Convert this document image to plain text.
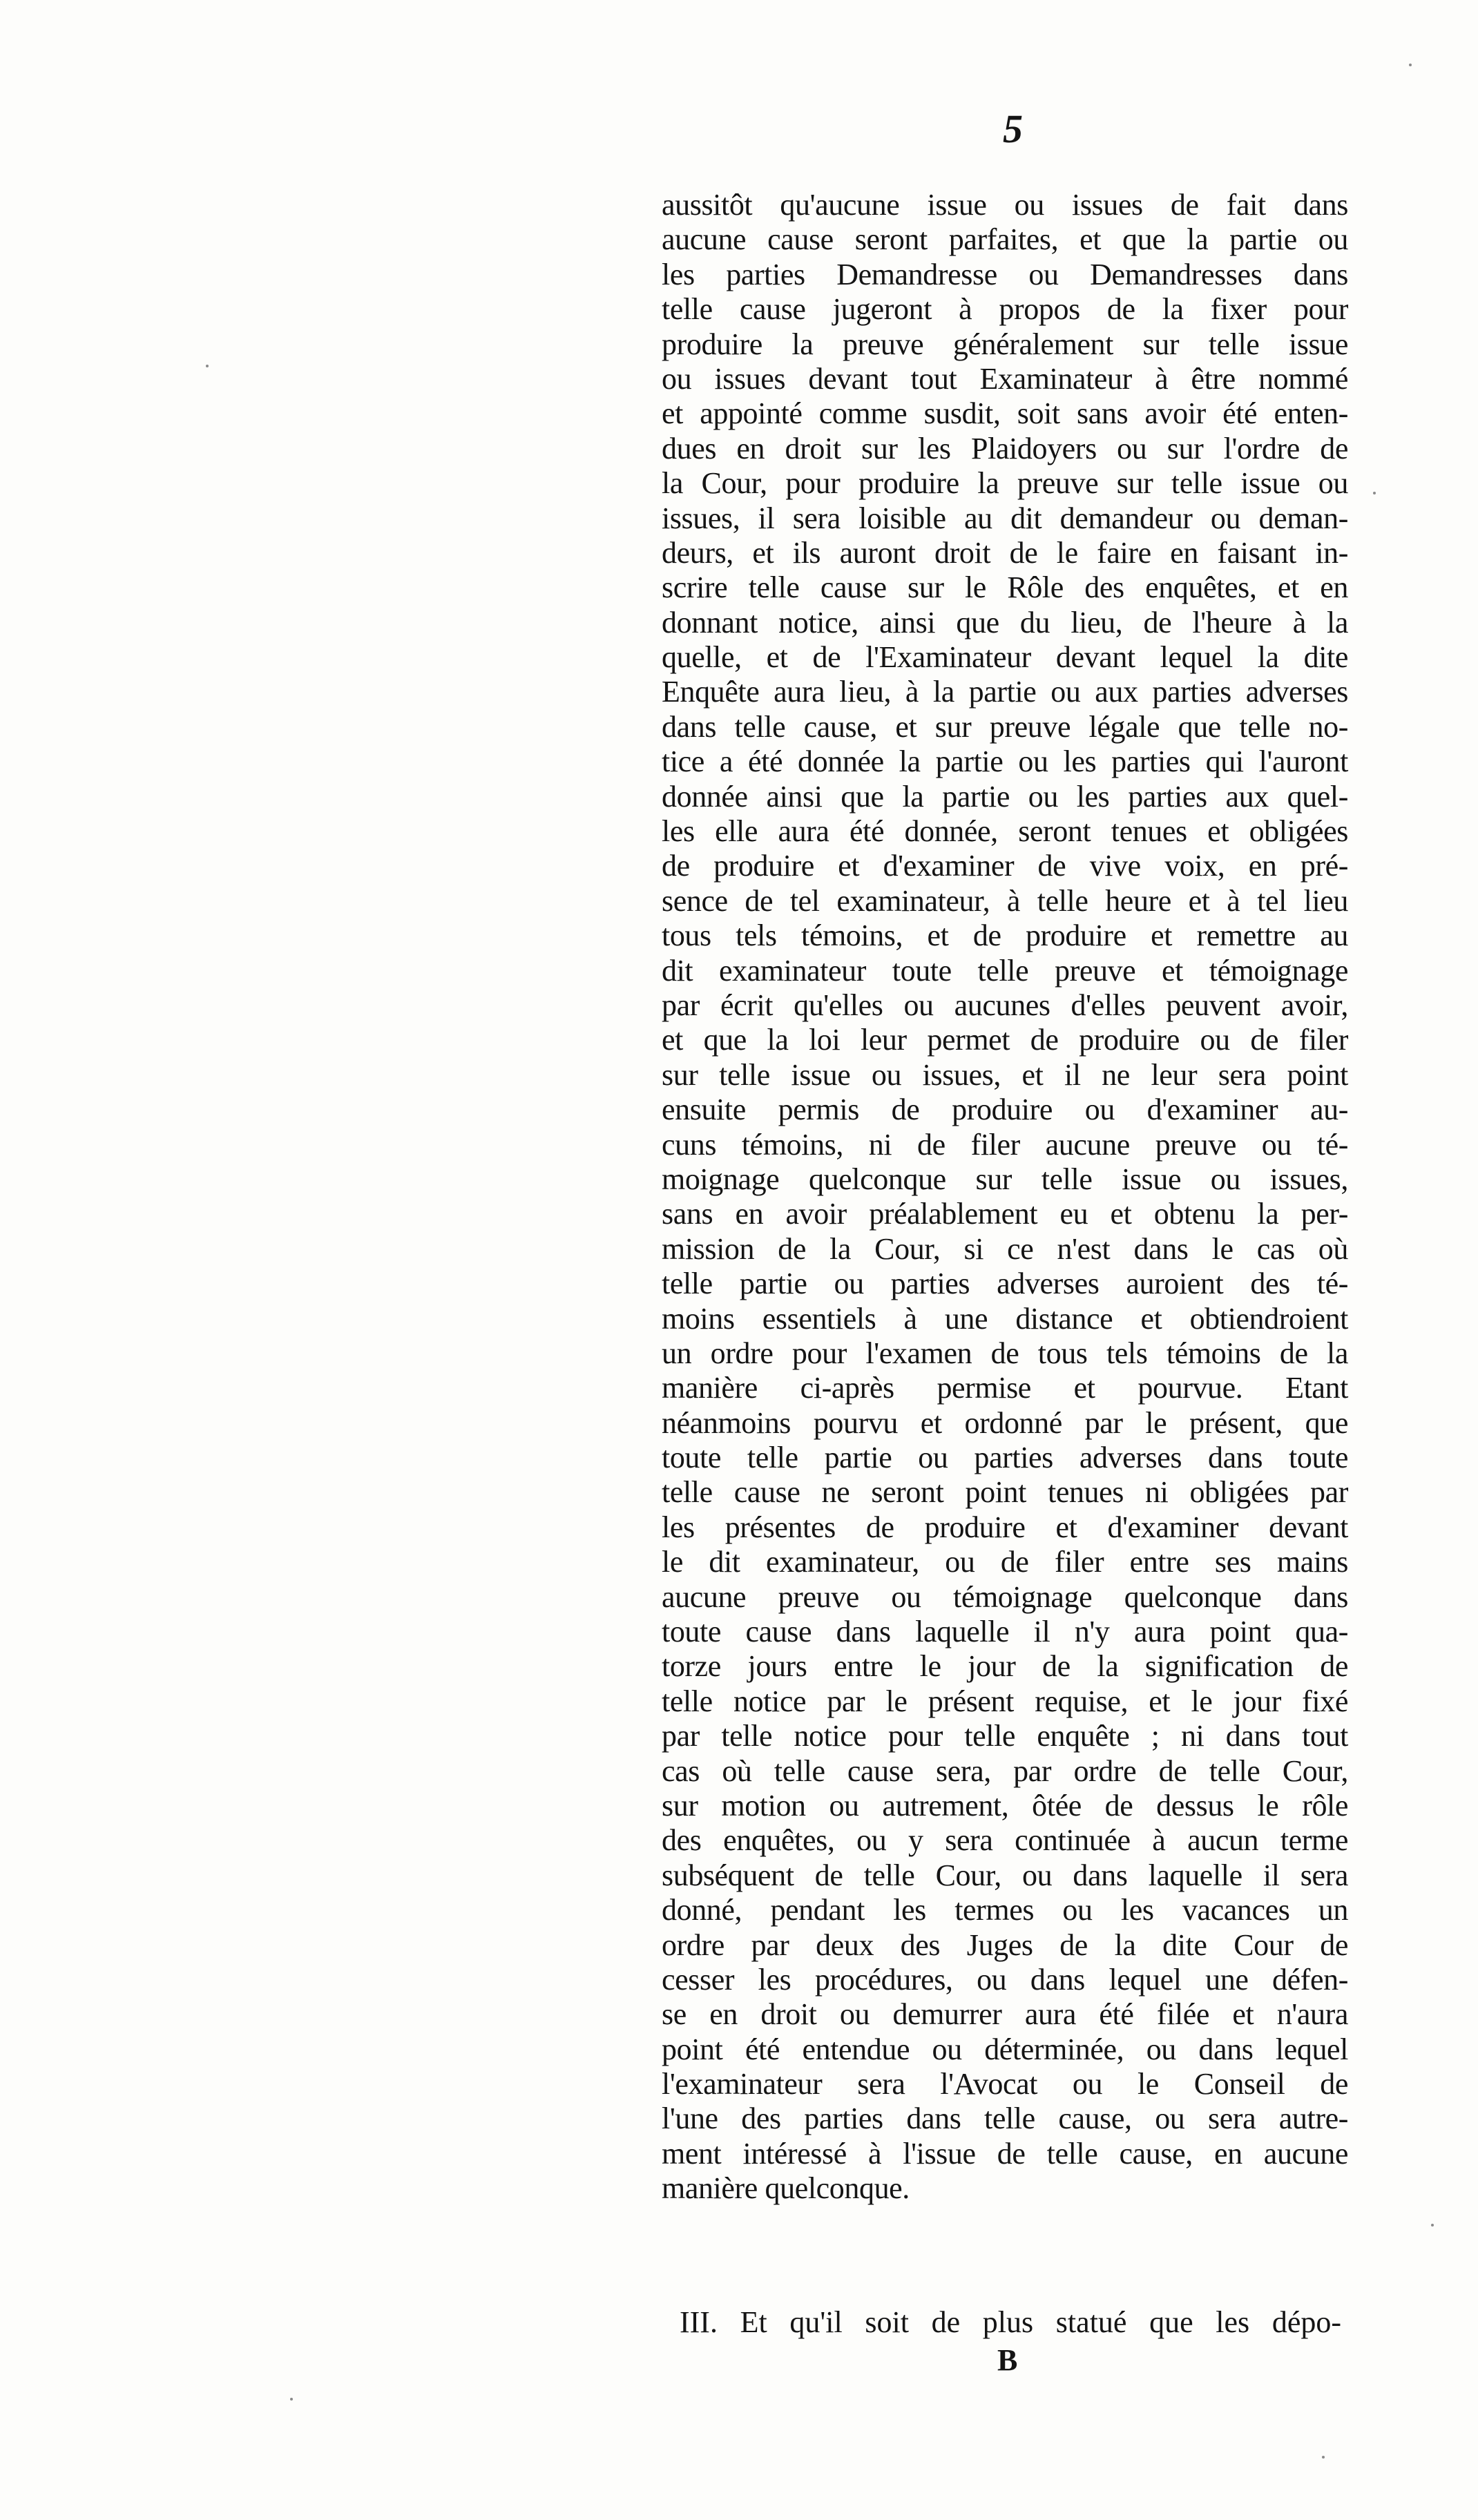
5
aussitôt qu'aucune issue ou issues de fait dans
aucune cause seront parfaites, et que la partie ou
les parties Demandresse ou Demandresses dans
telle cause jugeront à propos de la fixer pour
produire la preuve généralement sur telle issue
ou issues devant tout Examinateur à être nommé
et appointé comme susdit, soit sans avoir été enten-
dues en droit sur les Plaidoyers ou sur l'ordre de
la Cour, pour produire la preuve sur telle issue ou
issues, il sera loisible au dit demandeur ou deman-
deurs, et ils auront droit de le faire en faisant in-
scrire telle cause sur le Rôle des enquêtes, et en
donnant notice, ainsi que du lieu, de l'heure à la
quelle, et de l'Examinateur devant lequel la dite
Enquête aura lieu, à la partie ou aux parties adverses
dans telle cause, et sur preuve légale que telle no-
tice a été donnée la partie ou les parties qui l'auront
donnée ainsi que la partie ou les parties aux quel-
les elle aura été donnée, seront tenues et obligées
de produire et d'examiner de vive voix, en pré-
sence de tel examinateur, à telle heure et à tel lieu
tous tels témoins, et de produire et remettre au
dit examinateur toute telle preuve et témoignage
par écrit qu'elles ou aucunes d'elles peuvent avoir,
et que la loi leur permet de produire ou de filer
sur telle issue ou issues, et il ne leur sera point
ensuite permis de produire ou d'examiner au-
cuns témoins, ni de filer aucune preuve ou té-
moignage quelconque sur telle issue ou issues,
sans en avoir préalablement eu et obtenu la per-
mission de la Cour, si ce n'est dans le cas où
telle partie ou parties adverses auroient des té-
moins essentiels à une distance et obtiendroient
un ordre pour l'examen de tous tels témoins de la
manière ci-après permise et pourvue. Etant
néanmoins pourvu et ordonné par le présent, que
toute telle partie ou parties adverses dans toute
telle cause ne seront point tenues ni obligées par
les présentes de produire et d'examiner devant
le dit examinateur, ou de filer entre ses mains
aucune preuve ou témoignage quelconque dans
toute cause dans laquelle il n'y aura point qua-
torze jours entre le jour de la signification de
telle notice par le présent requise, et le jour fixé
par telle notice pour telle enquête ; ni dans tout
cas où telle cause sera, par ordre de telle Cour,
sur motion ou autrement, ôtée de dessus le rôle
des enquêtes, ou y sera continuée à aucun terme
subséquent de telle Cour, ou dans laquelle il sera
donné, pendant les termes ou les vacances un
ordre par deux des Juges de la dite Cour de
cesser les procédures, ou dans lequel une défen-
se en droit ou demurrer aura été filée et n'aura
point été entendue ou déterminée, ou dans lequel
l'examinateur sera l'Avocat ou le Conseil de
l'une des parties dans telle cause, ou sera autre-
ment intéressé à l'issue de telle cause, en aucune
manière quelconque.
III. Et qu'il soit de plus statué que les dépo-
B
